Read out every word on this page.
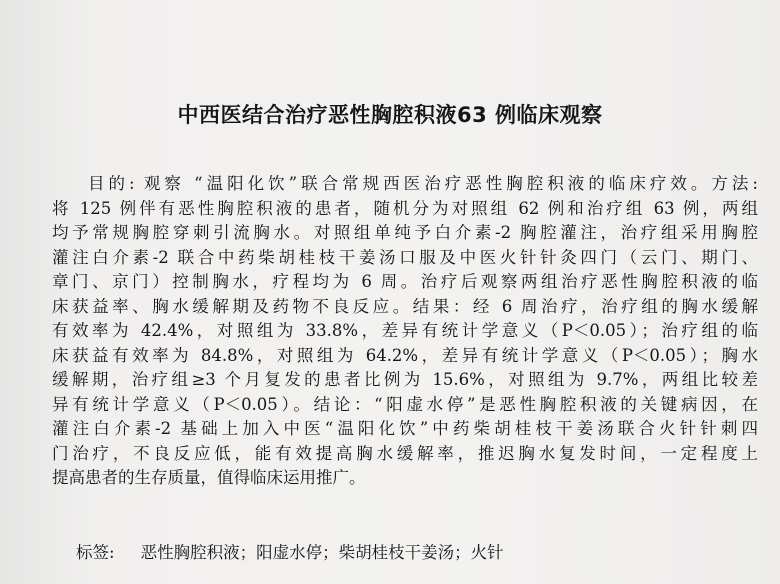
中西医结合治疗恶性胸腔积液63 例临床观察
目的: 观察 “温阳化饮”联合常规西医治疗恶性胸腔积液的临床疗效。方法:
将 125 例伴有恶性胸腔积液的患者，随机分为对照组 62 例和治疗组 63 例，两组
均予常规胸腔穿刺引流胸水。对照组单纯予白介素-2 胸腔灌注，治疗组采用胸腔
灌注白介素-2 联合中药柴胡桂枝干姜汤口服及中医火针针灸四门（云门、期门、
章门、京门）控制胸水，疗程均为 6 周。治疗后观察两组治疗恶性胸腔积液的临
床获益率、胸水缓解期及药物不良反应。结果：经 6 周治疗，治疗组的胸水缓解
有效率为 42.4%，对照组为 33.8%，差异有统计学意义（P＜0.05）；治疗组的临
床获益有效率为 84.8%，对照组为 64.2%，差异有统计学意义（P＜0.05）；胸水
缓解期，治疗组≥3 个月复发的患者比例为 15.6%，对照组为 9.7%，两组比较差
异有统计学意义（P＜0.05）。结论：“阳虚水停”是恶性胸腔积液的关键病因，在
灌注白介素-2 基础上加入中医“温阳化饮”中药柴胡桂枝干姜汤联合火针针刺四
门治疗，不良反应低，能有效提高胸水缓解率，推迟胸水复发时间，一定程度上
提高患者的生存质量，值得临床运用推广。

标签: 恶性胸腔积液；阳虚水停；柴胡桂枝干姜汤；火针
